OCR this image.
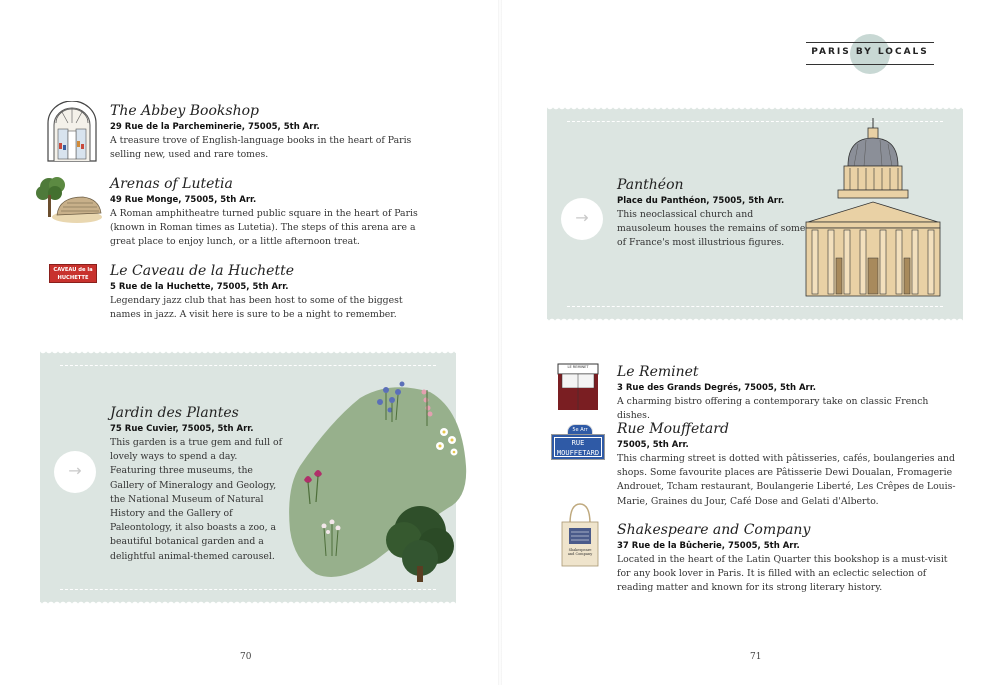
PARIS BY LOCALS
The Abbey Bookshop
29 Rue de la Parcheminerie, 75005, 5th Arr.
A treasure trove of English-language books in the heart of Paris selling new, used and rare tomes.
Arenas of Lutetia
49 Rue Monge, 75005, 5th Arr.
A Roman amphitheatre turned public square in the heart of Paris (known in Roman times as Lutetia). The steps of this arena are a great place to enjoy lunch, or a little afternoon treat.
CAVEAU de la
HUCHETTE	Le Caveau de la Huchette
5 Rue de la Huchette, 75005, 5th Arr.
Legendary jazz club that has been host to some of the biggest names in jazz. A visit here is sure to be a night to remember.
→
Jardin des Plantes
75 Rue Cuvier, 75005, 5th Arr.
This garden is a true gem and full of lovely ways to spend a day. Featuring three museums, the Gallery of Mineralogy and Geology, the National Museum of Natural History and the Gallery of Paleontology, it also boasts a zoo, a beautiful botanical garden and a delightful animal-themed carousel.
70
→
Panthéon
Place du Panthéon, 75005, 5th Arr.
This neoclassical church and mausoleum houses the remains of some of France's most illustrious figures.
LE REMINET	Le Reminet
3 Rue des Grands Degrés, 75005, 5th Arr.
A charming bistro offering a contemporary take on classic French dishes.
5e Arr
RUE
MOUFFETARD
Rue Mouffetard
75005, 5th Arr.
This charming street is dotted with pâtisseries, cafés, boulangeries and shops. Some favourite places are Pâtisserie Dewi Doualan, Fromagerie Androuet, Tcham restaurant, Boulangerie Liberté, Les Crêpes de Louis-Marie, Graines du Jour, Café Dose and Gelati d'Alberto.
Shakespeare and Company
Shakespeare and Company
37 Rue de la Bûcherie, 75005, 5th Arr.
Located in the heart of the Latin Quarter this bookshop is a must-visit for any book lover in Paris. It is filled with an eclectic selection of reading matter and known for its strong literary history.
71
